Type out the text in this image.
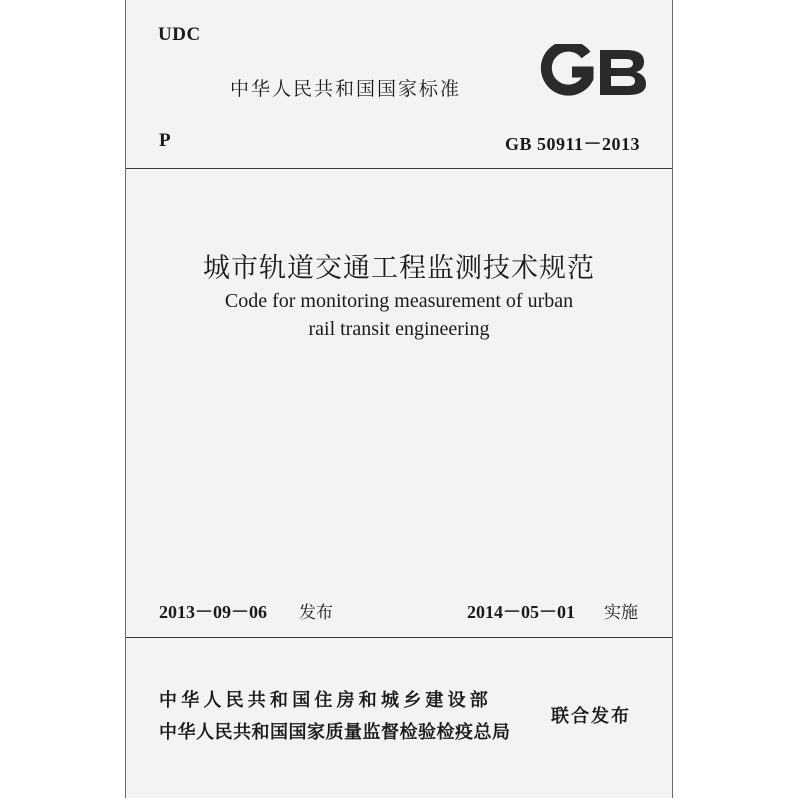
UDC
中华人民共和国国家标准	GB
P	GB 50911－2013
城市轨道交通工程监测技术规范
Code for monitoring measurement of urban
rail transit engineering
2013－09－06 发布	2014－05－01 实施
中华人民共和国住房和城乡建设部
中华人民共和国国家质量监督检验检疫总局
联合发布
